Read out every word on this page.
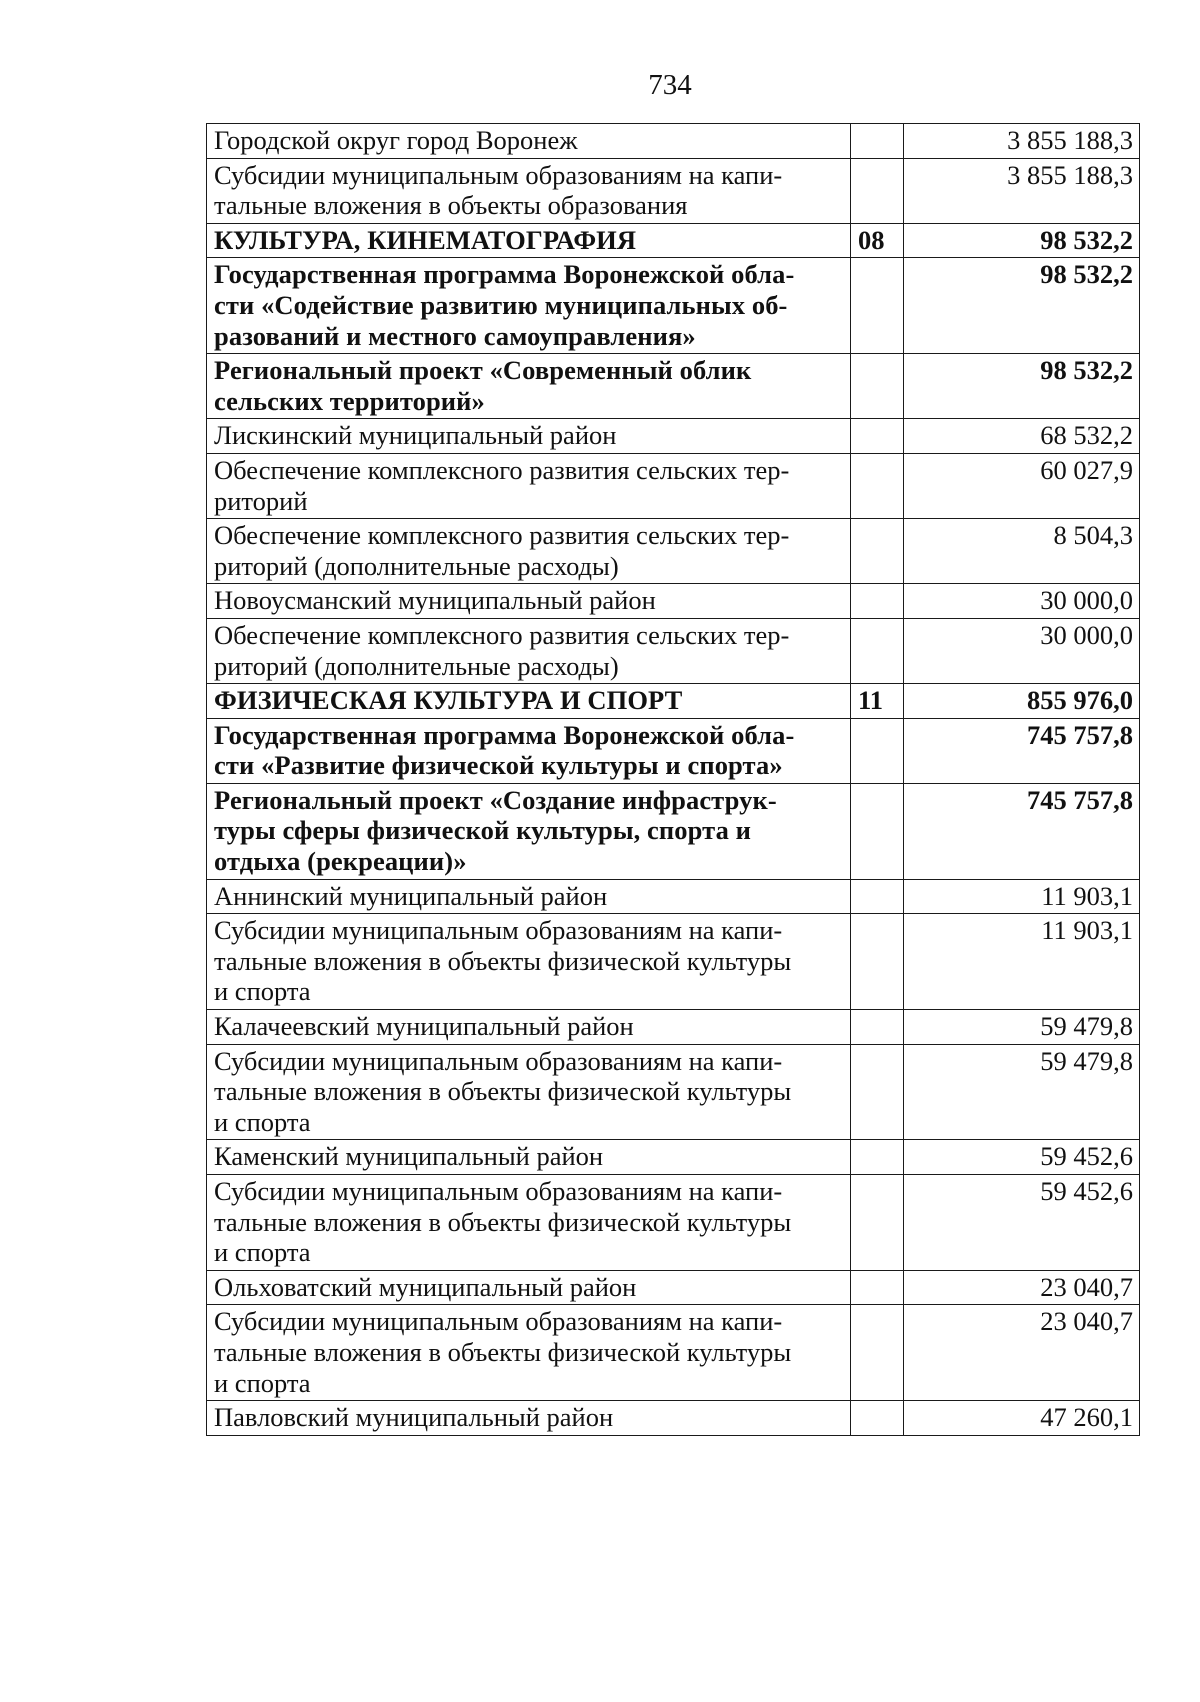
734
Городской округ город Воронеж		3 855 188,3
Субсидии муниципальным образованиям на капи-
тальные вложения в объекты образования		3 855 188,3
КУЛЬТУРА, КИНЕМАТОГРАФИЯ	08	98 532,2
Государственная программа Воронежской обла-
сти «Содействие развитию муниципальных об-
разований и местного самоуправления»		98 532,2
Региональный проект «Современный облик
сельских территорий»		98 532,2
Лискинский муниципальный район		68 532,2
Обеспечение комплексного развития сельских тер-
риторий		60 027,9
Обеспечение комплексного развития сельских тер-
риторий (дополнительные расходы)		8 504,3
Новоусманский муниципальный район		30 000,0
Обеспечение комплексного развития сельских тер-
риторий (дополнительные расходы)		30 000,0
ФИЗИЧЕСКАЯ КУЛЬТУРА И СПОРТ	11	855 976,0
Государственная программа Воронежской обла-
сти «Развитие физической культуры и спорта»		745 757,8
Региональный проект «Создание инфраструк-
туры сферы физической культуры, спорта и
отдыха (рекреации)»		745 757,8
Аннинский муниципальный район		11 903,1
Субсидии муниципальным образованиям на капи-
тальные вложения в объекты физической культуры
и спорта		11 903,1
Калачеевский муниципальный район		59 479,8
Субсидии муниципальным образованиям на капи-
тальные вложения в объекты физической культуры
и спорта		59 479,8
Каменский муниципальный район		59 452,6
Субсидии муниципальным образованиям на капи-
тальные вложения в объекты физической культуры
и спорта		59 452,6
Ольховатский муниципальный район		23 040,7
Субсидии муниципальным образованиям на капи-
тальные вложения в объекты физической культуры
и спорта		23 040,7
Павловский муниципальный район		47 260,1
